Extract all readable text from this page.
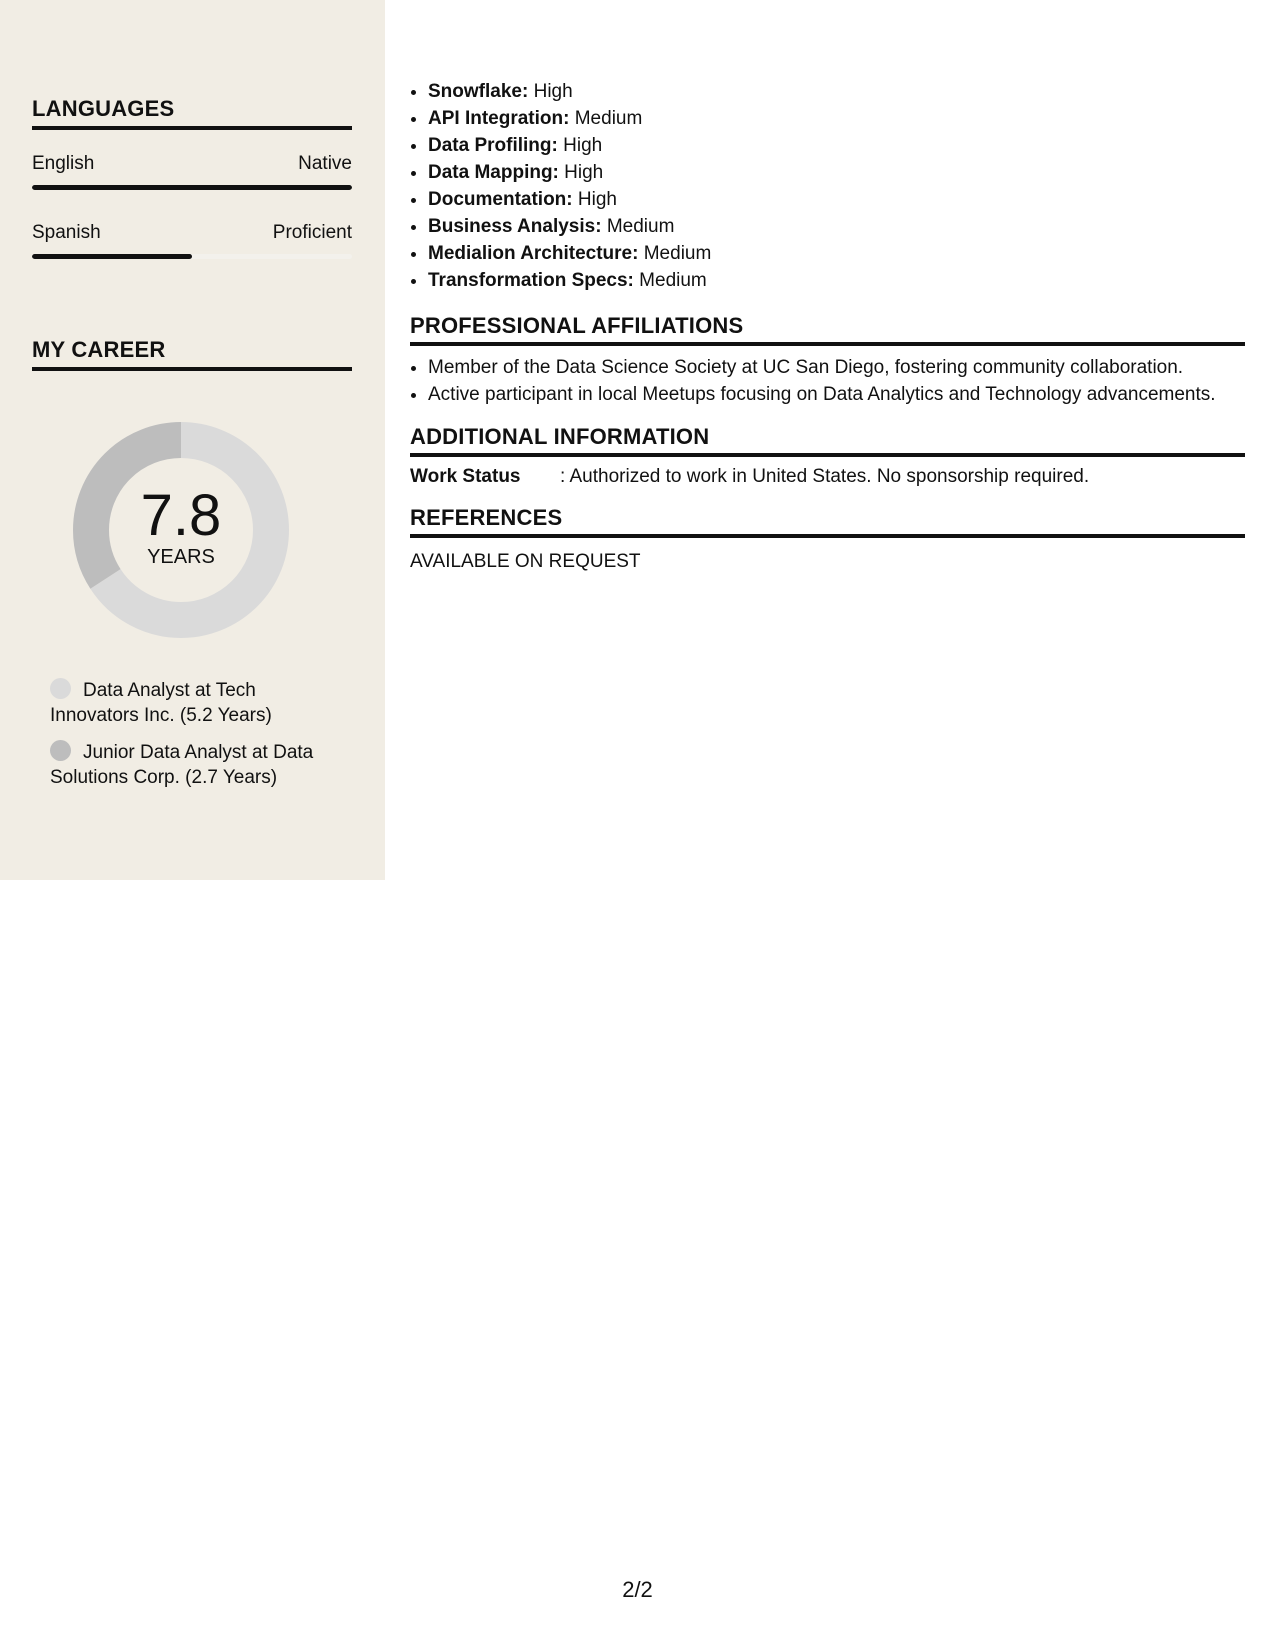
LANGUAGES
English	Native
Spanish	Proficient
MY CAREER
7.8
YEARS
Data Analyst at Tech Innovators Inc. (5.2 Years)
Junior Data Analyst at Data Solutions Corp. (2.7 Years)
• Snowflake: High
• API Integration: Medium
• Data Profiling: High
• Data Mapping: High
• Documentation: High
• Business Analysis: Medium
• Medialion Architecture: Medium
• Transformation Specs: Medium
PROFESSIONAL AFFILIATIONS
• Member of the Data Science Society at UC San Diego, fostering community collaboration.
• Active participant in local Meetups focusing on Data Analytics and Technology advancements.
ADDITIONAL INFORMATION
Work Status : Authorized to work in United States. No sponsorship required.
REFERENCES
AVAILABLE ON REQUEST
2/2
